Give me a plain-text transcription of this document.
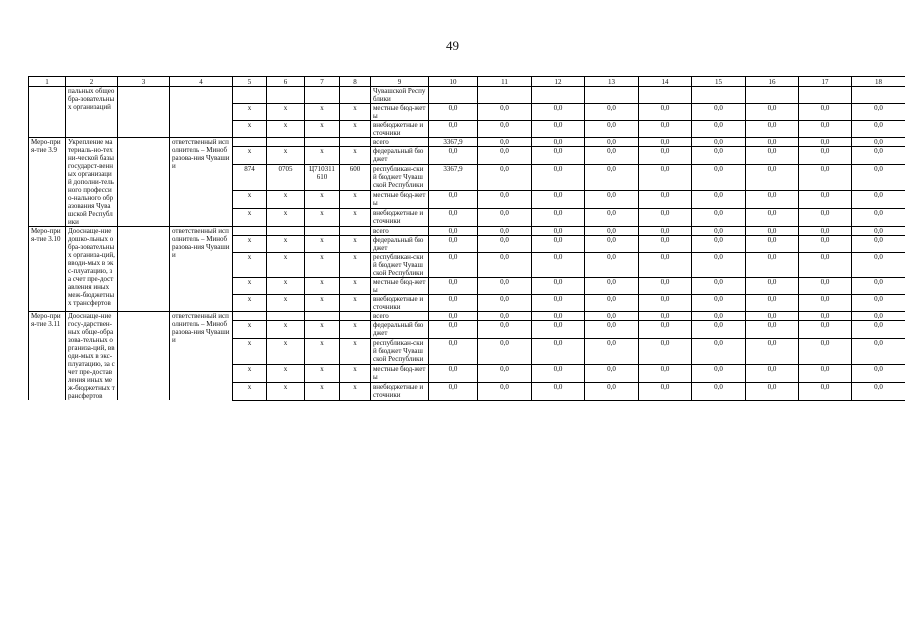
49
1	2	3	4	5	6	7	8	9	10	11	12	13	14	15	16	17	18
	пальных общеобра-зовательных организаций							Чувашской Республики									
				х	х	х	х	местные бюд-жеты	0,0	0,0	0,0	0,0	0,0	0,0	0,0	0,0	0,0
				х	х	х	х	внебюджетные источники	0,0	0,0	0,0	0,0	0,0	0,0	0,0	0,0	0,0
Меро-прия-тие 3.9	Укрепление материаль-но-техни-ческой базы государст-венных организаций дополни-тельного профессио-нального образования Чувашской Республики		ответственный исполнитель – Минобразова-ния Чувашии					всего	3367,9	0,0	0,0	0,0	0,0	0,0	0,0	0,0	0,0
				х	х	х	х	федеральный бюджет	0,0	0,0	0,0	0,0	0,0	0,0	0,0	0,0	0,0
				874	0705	Ц710311 610	600	республикан-ский бюджет Чувашской Республики	3367,9	0,0	0,0	0,0	0,0	0,0	0,0	0,0	0,0
				х	х	х	х	местные бюд-жеты	0,0	0,0	0,0	0,0	0,0	0,0	0,0	0,0	0,0
				х	х	х	х	внебюджетные источники	0,0	0,0	0,0	0,0	0,0	0,0	0,0	0,0	0,0
Меро-прия-тие 3.10	Дооснаще-ние дошко-льных обра-зовательных организа-ций, вводи-мых в экс-плуатацию, за счет пре-доставления иных меж-бюджетных трансфертов		ответственный исполнитель – Минобразова-ния Чувашии					всего	0,0	0,0	0,0	0,0	0,0	0,0	0,0	0,0	0,0
				х	х	х	х	федеральный бюджет	0,0	0,0	0,0	0,0	0,0	0,0	0,0	0,0	0,0
				х	х	х	х	республикан-ский бюджет Чувашской Республики	0,0	0,0	0,0	0,0	0,0	0,0	0,0	0,0	0,0
				х	х	х	х	местные бюд-жеты	0,0	0,0	0,0	0,0	0,0	0,0	0,0	0,0	0,0
				х	х	х	х	внебюджетные источники	0,0	0,0	0,0	0,0	0,0	0,0	0,0	0,0	0,0
Меро-прия-тие 3.11	Дооснаще-ние госу-дарствен-ных обще-образова-тельных организа-ций, вводи-мых в экс-плуатацию, за счет пре-доставления иных меж-бюджетных трансфертов		ответственный исполнитель – Минобразова-ния Чувашии					всего	0,0	0,0	0,0	0,0	0,0	0,0	0,0	0,0	0,0
				х	х	х	х	федеральный бюджет	0,0	0,0	0,0	0,0	0,0	0,0	0,0	0,0	0,0
				х	х	х	х	республикан-ский бюджет Чувашской Республики	0,0	0,0	0,0	0,0	0,0	0,0	0,0	0,0	0,0
				х	х	х	х	местные бюд-жеты	0,0	0,0	0,0	0,0	0,0	0,0	0,0	0,0	0,0
				х	х	х	х	внебюджетные источники	0,0	0,0	0,0	0,0	0,0	0,0	0,0	0,0	0,0
